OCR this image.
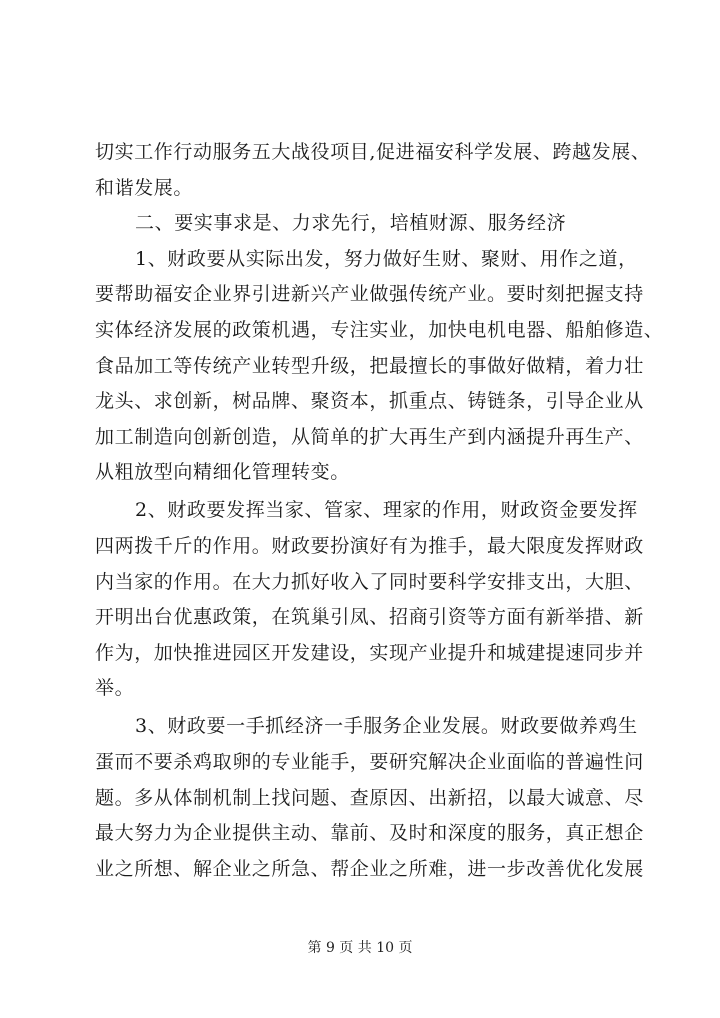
切实工作行动服务五大战役项目,促进福安科学发展、跨越发展、
和谐发展。
二、要实事求是、力求先行，培植财源、服务经济
1、财政要从实际出发，努力做好生财、聚财、用作之道，
要帮助福安企业界引进新兴产业做强传统产业。要时刻把握支持
实体经济发展的政策机遇，专注实业，加快电机电器、船舶修造、
食品加工等传统产业转型升级，把最擅长的事做好做精，着力壮
龙头、求创新，树品牌、聚资本，抓重点、铸链条，引导企业从
加工制造向创新创造，从简单的扩大再生产到内涵提升再生产、
从粗放型向精细化管理转变。
2、财政要发挥当家、管家、理家的作用，财政资金要发挥
四两拨千斤的作用。财政要扮演好有为推手，最大限度发挥财政
内当家的作用。在大力抓好收入了同时要科学安排支出，大胆、
开明出台优惠政策，在筑巢引凤、招商引资等方面有新举措、新
作为，加快推进园区开发建设，实现产业提升和城建提速同步并
举。
3、财政要一手抓经济一手服务企业发展。财政要做养鸡生
蛋而不要杀鸡取卵的专业能手，要研究解决企业面临的普遍性问
题。多从体制机制上找问题、查原因、出新招，以最大诚意、尽
最大努力为企业提供主动、靠前、及时和深度的服务，真正想企
业之所想、解企业之所急、帮企业之所难，进一步改善优化发展
第 9 页 共 10 页
